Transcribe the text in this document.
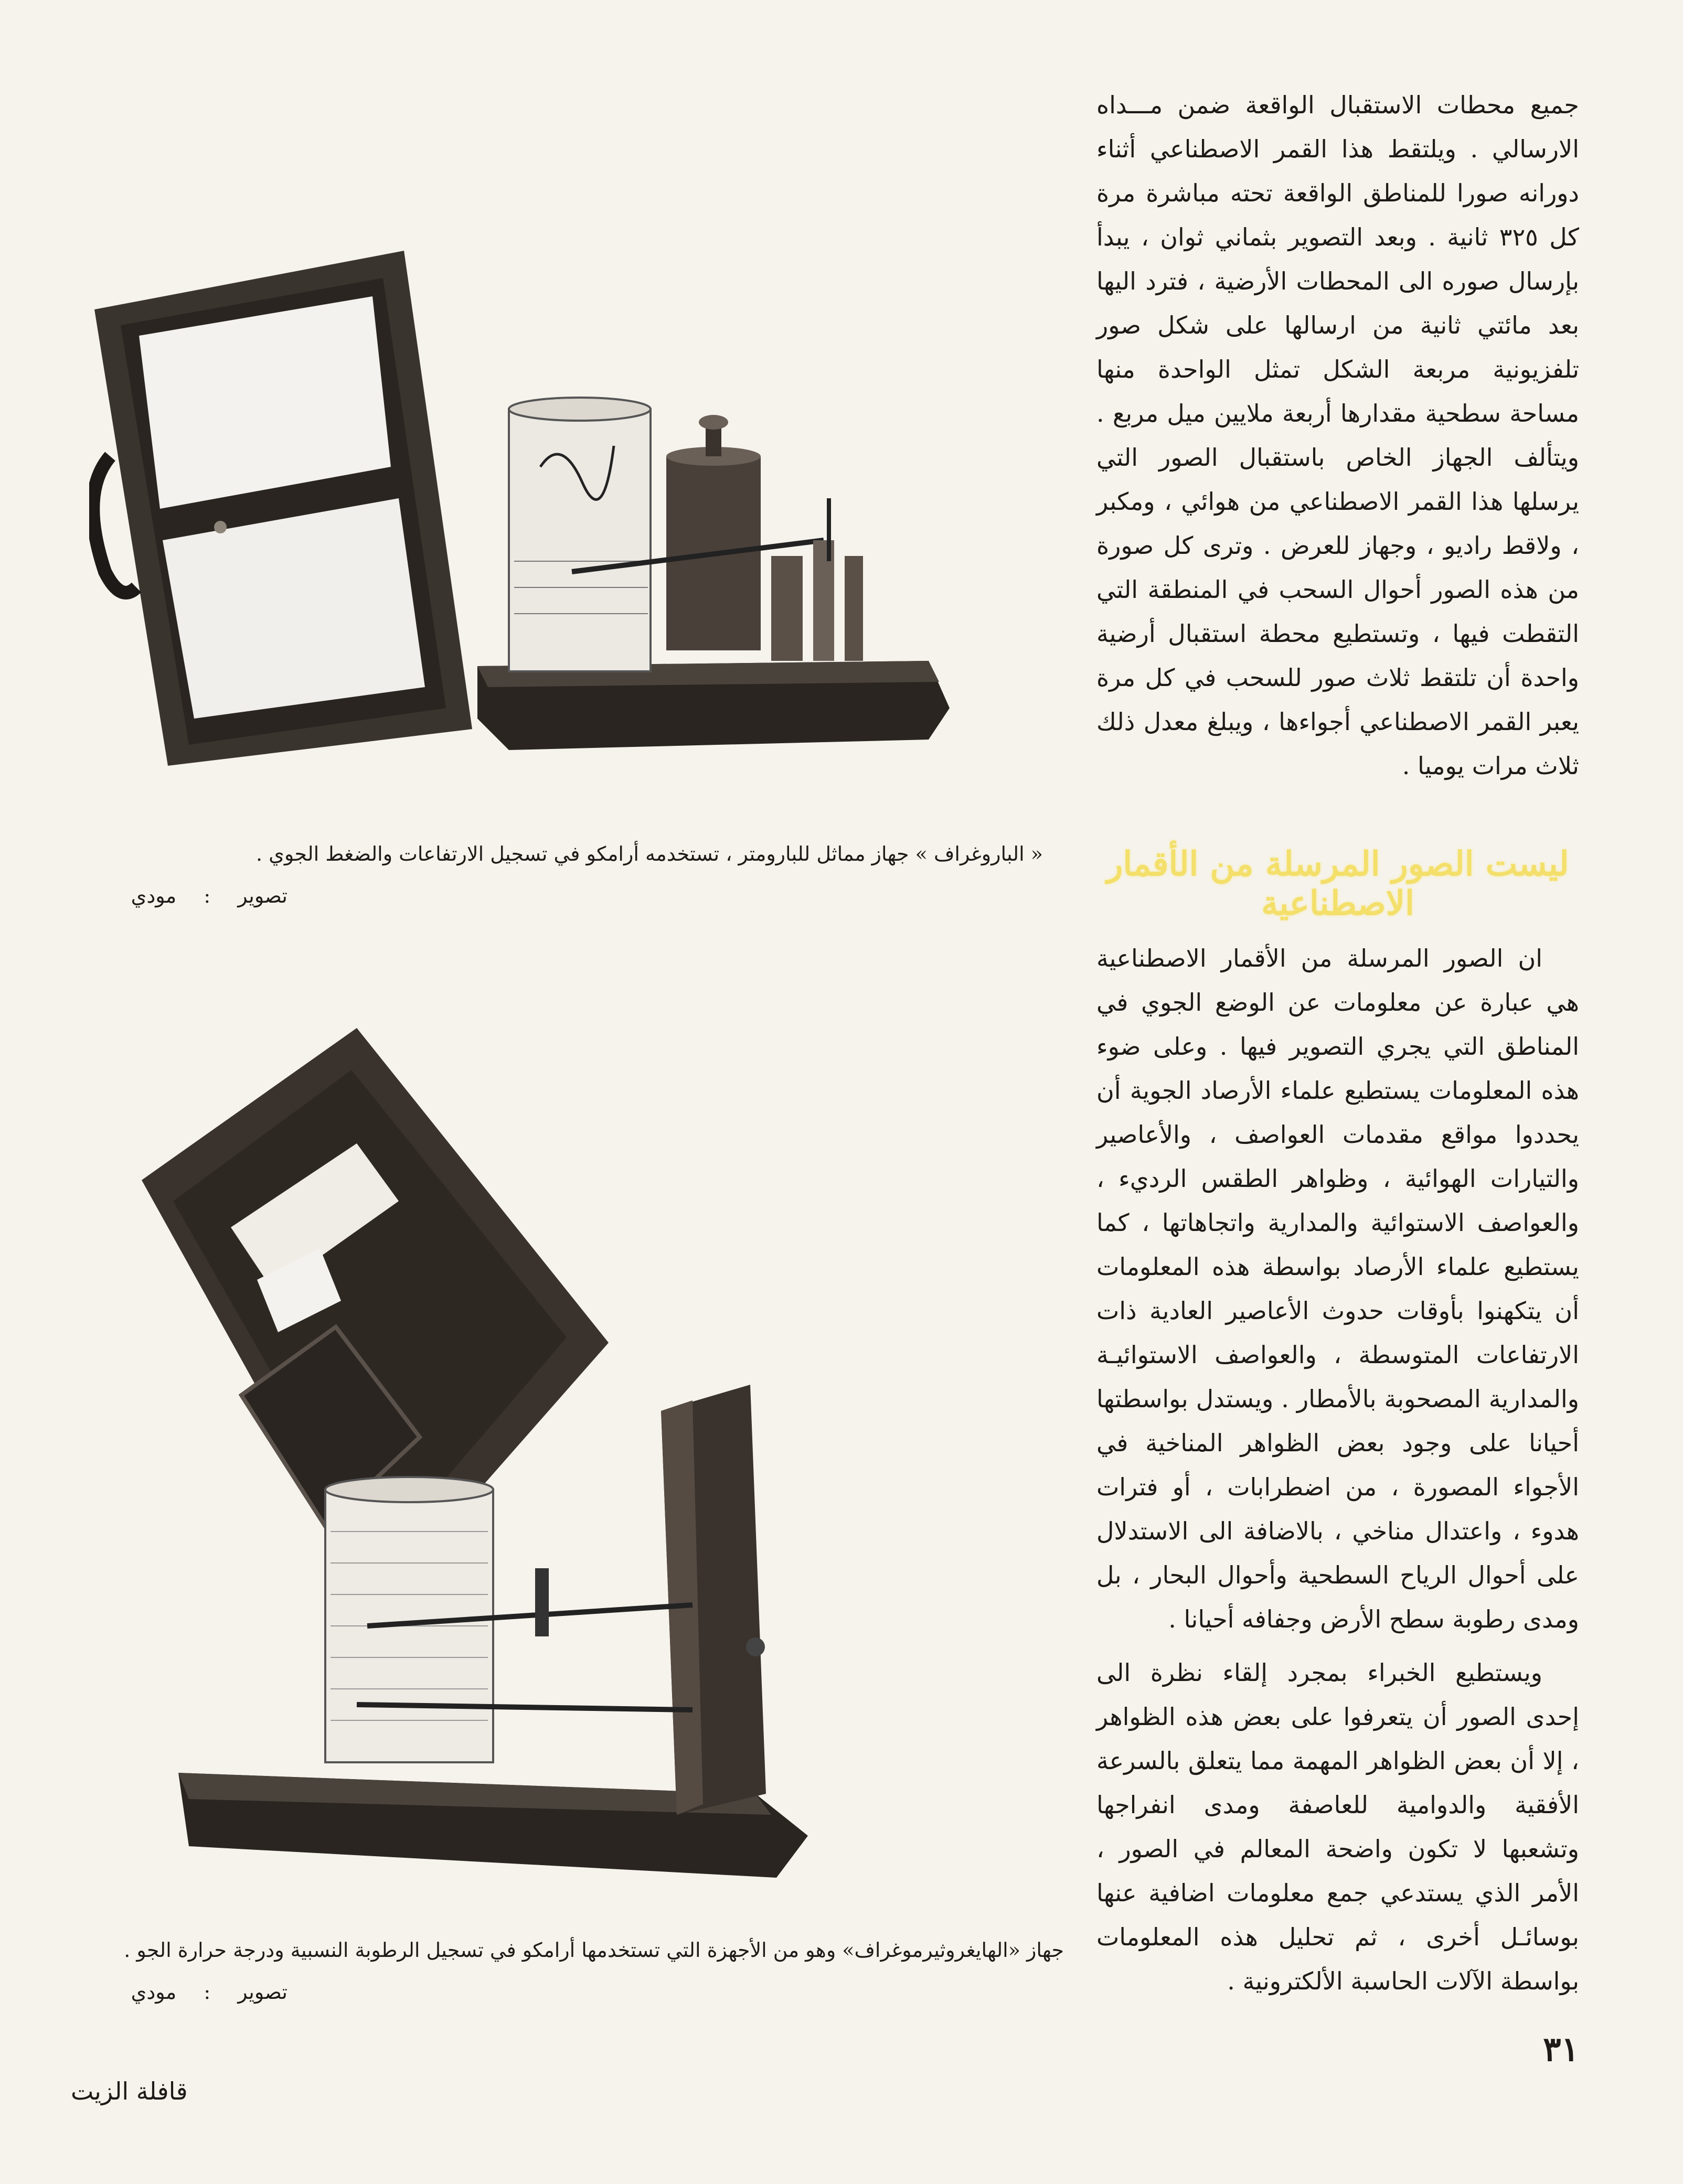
جميع محطات الاستقبال الواقعة ضمن مـــداه الارسالي . ويلتقط هذا القمر الاصطناعي أثناء دورانه صورا للمناطق الواقعة تحته مباشرة مرة كل ٣٢٥ ثانية . وبعد التصوير بثماني ثوان ، يبدأ بإرسال صوره الى المحطات الأرضية ، فترد اليها بعد مائتي ثانية من ارسالها على شكل صور تلفزيونية مربعة الشكل تمثل الواحدة منها مساحة سطحية مقدارها أربعة ملايين ميل مربع . ويتألف الجهاز الخاص باستقبال الصور التي يرسلها هذا القمر الاصطناعي من هوائي ، ومكبر ، ولاقط راديو ، وجهاز للعرض . وترى كل صورة من هذه الصور أحوال السحب في المنطقة التي التقطت فيها ، وتستطيع محطة استقبال أرضية واحدة أن تلتقط ثلاث صور للسحب في كل مرة يعبر القمر الاصطناعي أجواءها ، ويبلغ معدل ذلك ثلاث مرات يوميا .

ليست الصور المرسلة من الأقمار الاصطناعية

ان الصور المرسلة من الأقمار الاصطناعية هي عبارة عن معلومات عن الوضع الجوي في المناطق التي يجري التصوير فيها . وعلى ضوء هذه المعلومات يستطيع علماء الأرصاد الجوية أن يحددوا مواقع مقدمات العواصف ، والأعاصير والتيارات الهوائية ، وظواهر الطقس الرديء ، والعواصف الاستوائية والمدارية واتجاهاتها ، كما يستطيع علماء الأرصاد بواسطة هذه المعلومات أن يتكهنوا بأوقات حدوث الأعاصير العادية ذات الارتفاعات المتوسطة ، والعواصف الاستوائيـة والمدارية المصحوبة بالأمطار . ويستدل بواسطتها أحيانا على وجود بعض الظواهر المناخية في الأجواء المصورة ، من اضطرابات ، أو فترات هدوء ، واعتدال مناخي ، بالاضافة الى الاستدلال على أحوال الرياح السطحية وأحوال البحار ، بل ومدى رطوبة سطح الأرض وجفافه أحيانا .

ويستطيع الخبراء بمجرد إلقاء نظرة الى إحدى الصور أن يتعرفوا على بعض هذه الظواهر ، إلا أن بعض الظواهر المهمة مما يتعلق بالسرعة الأفقية والدوامية للعاصفة ومدى انفراجها وتشعبها لا تكون واضحة المعالم في الصور ، الأمر الذي يستدعي جمع معلومات اضافية عنها بوسائـل أخرى ، ثم تحليل هذه المعلومات بواسطة الآلات الحاسبة الألكترونية .

« الباروغراف » جهاز مماثل للبارومتر ، تستخدمه أرامكو في تسجيل الارتفاعات والضغط الجوي .
تصوير : مودي
جهاز «الهايغروثيرموغراف» وهو من الأجهزة التي تستخدمها أرامكو في تسجيل الرطوبة النسبية ودرجة حرارة الجو .
تصوير : مودي
٣١
قافلة الزيت
